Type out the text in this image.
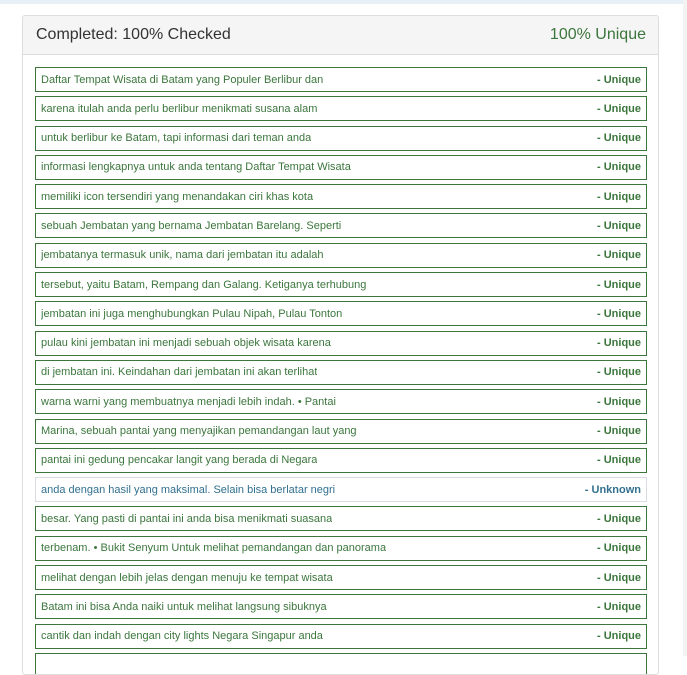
Completed: 100% Checked	100% Unique
Daftar Tempat Wisata di Batam yang Populer Berlibur dan	- Unique
karena itulah anda perlu berlibur menikmati susana alam	- Unique
untuk berlibur ke Batam, tapi informasi dari teman anda	- Unique
informasi lengkapnya untuk anda tentang Daftar Tempat Wisata	- Unique
memiliki icon tersendiri yang menandakan ciri khas kota	- Unique
sebuah Jembatan yang bernama Jembatan Barelang. Seperti	- Unique
jembatanya termasuk unik, nama dari jembatan itu adalah	- Unique
tersebut, yaitu Batam, Rempang dan Galang. Ketiganya terhubung	- Unique
jembatan ini juga menghubungkan Pulau Nipah, Pulau Tonton	- Unique
pulau kini jembatan ini menjadi sebuah objek wisata karena	- Unique
di jembatan ini. Keindahan dari jembatan ini akan terlihat	- Unique
warna warni yang membuatnya menjadi lebih indah. • Pantai	- Unique
Marina, sebuah pantai yang menyajikan pemandangan laut yang	- Unique
pantai ini gedung pencakar langit yang berada di Negara	- Unique
anda dengan hasil yang maksimal. Selain bisa berlatar negri	- Unknown
besar. Yang pasti di pantai ini anda bisa menikmati suasana	- Unique
terbenam. • Bukit Senyum Untuk melihat pemandangan dan panorama	- Unique
melihat dengan lebih jelas dengan menuju ke tempat wisata	- Unique
Batam ini bisa Anda naiki untuk melihat langsung sibuknya	- Unique
cantik dan indah dengan city lights Negara Singapur anda	- Unique
